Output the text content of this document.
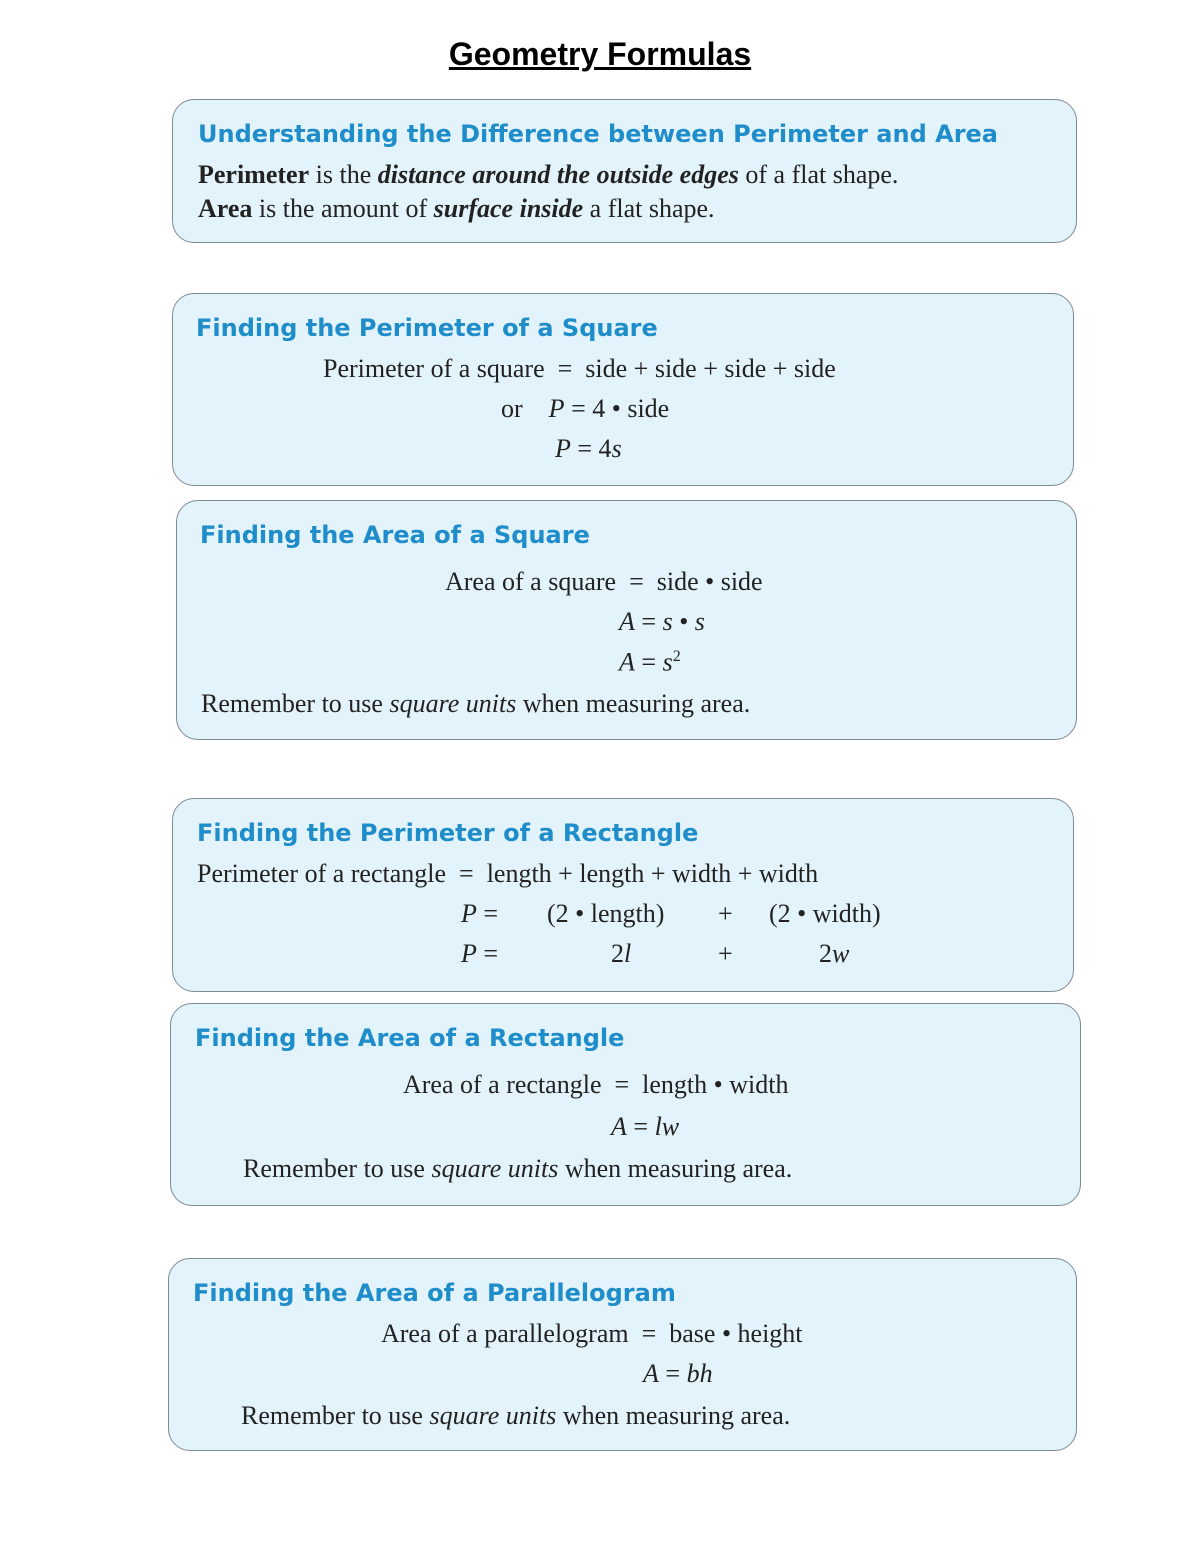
Geometry Formulas
Understanding the Difference between Perimeter and Area
Perimeter is the distance around the outside edges of a flat shape.
Area is the amount of surface inside a flat shape.
Finding the Perimeter of a Square
Perimeter of a square  =  side + side + side + side
or P = 4 • side
P = 4s
Finding the Area of a Square
Area of a square  =  side • side
A = s • s
$A = s^2$
Remember to use square units when measuring area.
Finding the Perimeter of a Rectangle
Perimeter of a rectangle  =  length + length + width + width
P = (2 • length) + (2 • width)
P =	2l	+	2w
Finding the Area of a Rectangle
Area of a rectangle  =  length • width
A = lw
Remember to use square units when measuring area.
Finding the Area of a Parallelogram
Area of a parallelogram  =  base • height
A = bh
Remember to use square units when measuring area.
